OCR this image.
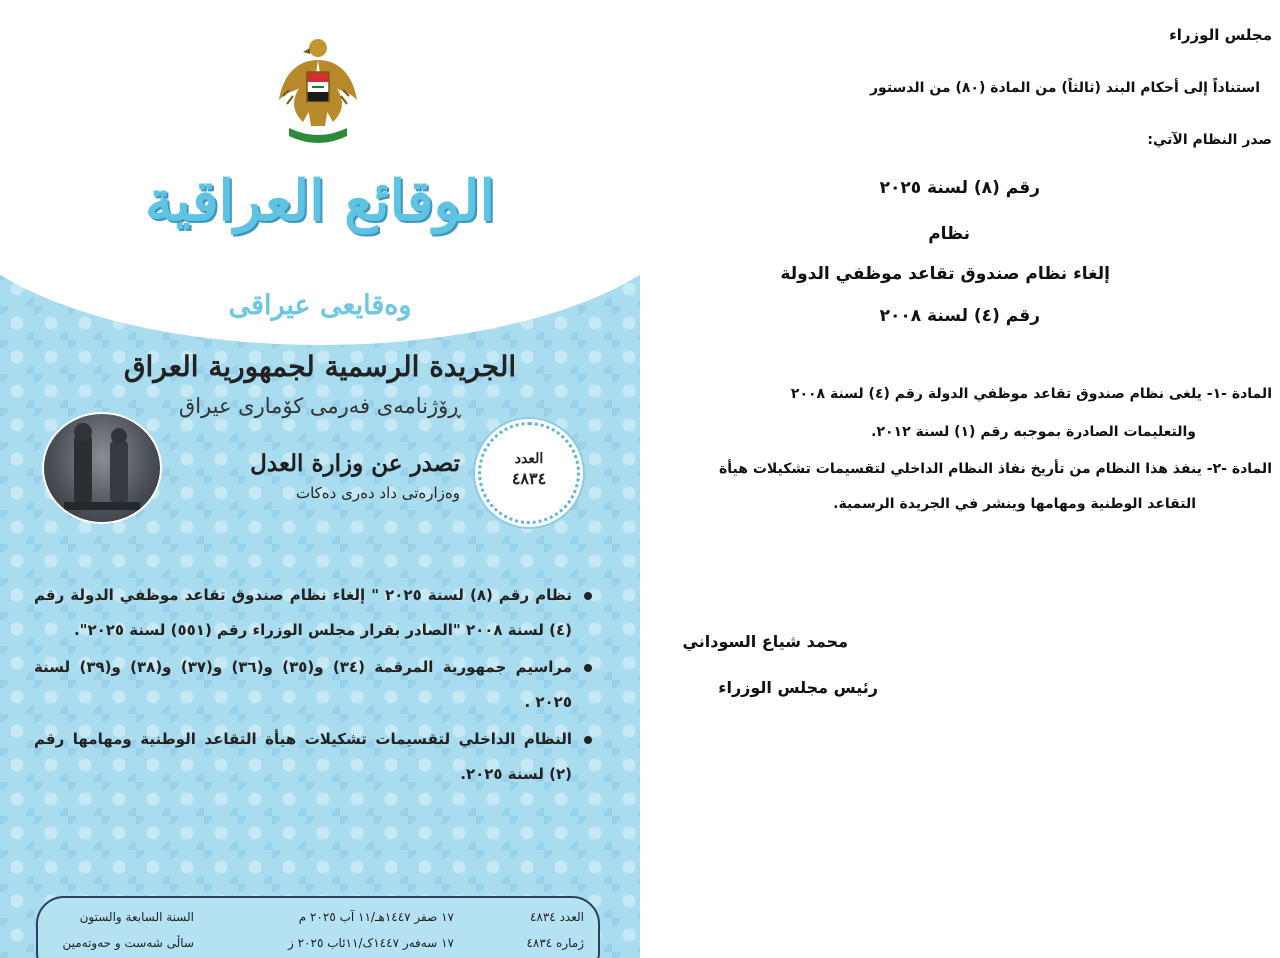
الوقائع العراقية
وەقایعی عیراقی
الجريدة الرسمية لجمهورية العراق
ڕۆژنامەی فەرمی کۆماری عیراق
تصدر عن وزارة العدل
وەزارەتی داد دەری دەکات
العدد
٤٨٣٤
نظام رقم (٨) لسنة ٢٠٢٥ " إلغاء نظام صندوق تقاعد موظفي الدولة رقم (٤) لسنة ٢٠٠٨ "الصادر بقرار مجلس الوزراء رقم (٥٥١) لسنة ٢٠٢٥".
مراسيم جمهورية المرقمة (٣٤) و(٣٥) و(٣٦) و(٣٧) و(٣٨) و(٣٩) لسنة ٢٠٢٥ .
النظام الداخلي لتقسيمات تشكيلات هيأة التقاعد الوطنية ومهامها رقم (٢) لسنة ٢٠٢٥.
العدد ٤٨٣٤
١٧ صفر ١٤٤٧هـ/١١ آب ٢٠٢٥ م
السنة السابعة والستون
ژمارە ٤٨٣٤
١٧ سەفەر ١٤٤٧ک/١١ئاب ٢٠٢٥ ز
ساڵی شەست و حەوتەمین
مجلس الوزراء
استناداً إلى أحكام البند (ثالثاً) من المادة (٨٠) من الدستور
صدر النظام الآتي:
رقم (٨) لسنة ٢٠٢٥
نظام
إلغاء نظام صندوق تقاعد موظفي الدولة
رقم (٤) لسنة ٢٠٠٨
المادة -١- يلغى نظام صندوق تقاعد موظفي الدولة رقم (٤) لسنة ٢٠٠٨
والتعليمات الصادرة بموجبه رقم (١) لسنة ٢٠١٢.
المادة -٢- ينفذ هذا النظام من تأريخ نفاذ النظام الداخلي لتقسيمات تشكيلات هيأة
التقاعد الوطنية ومهامها وينشر في الجريدة الرسمية.
محمد شياع السوداني
رئيس مجلس الوزراء
